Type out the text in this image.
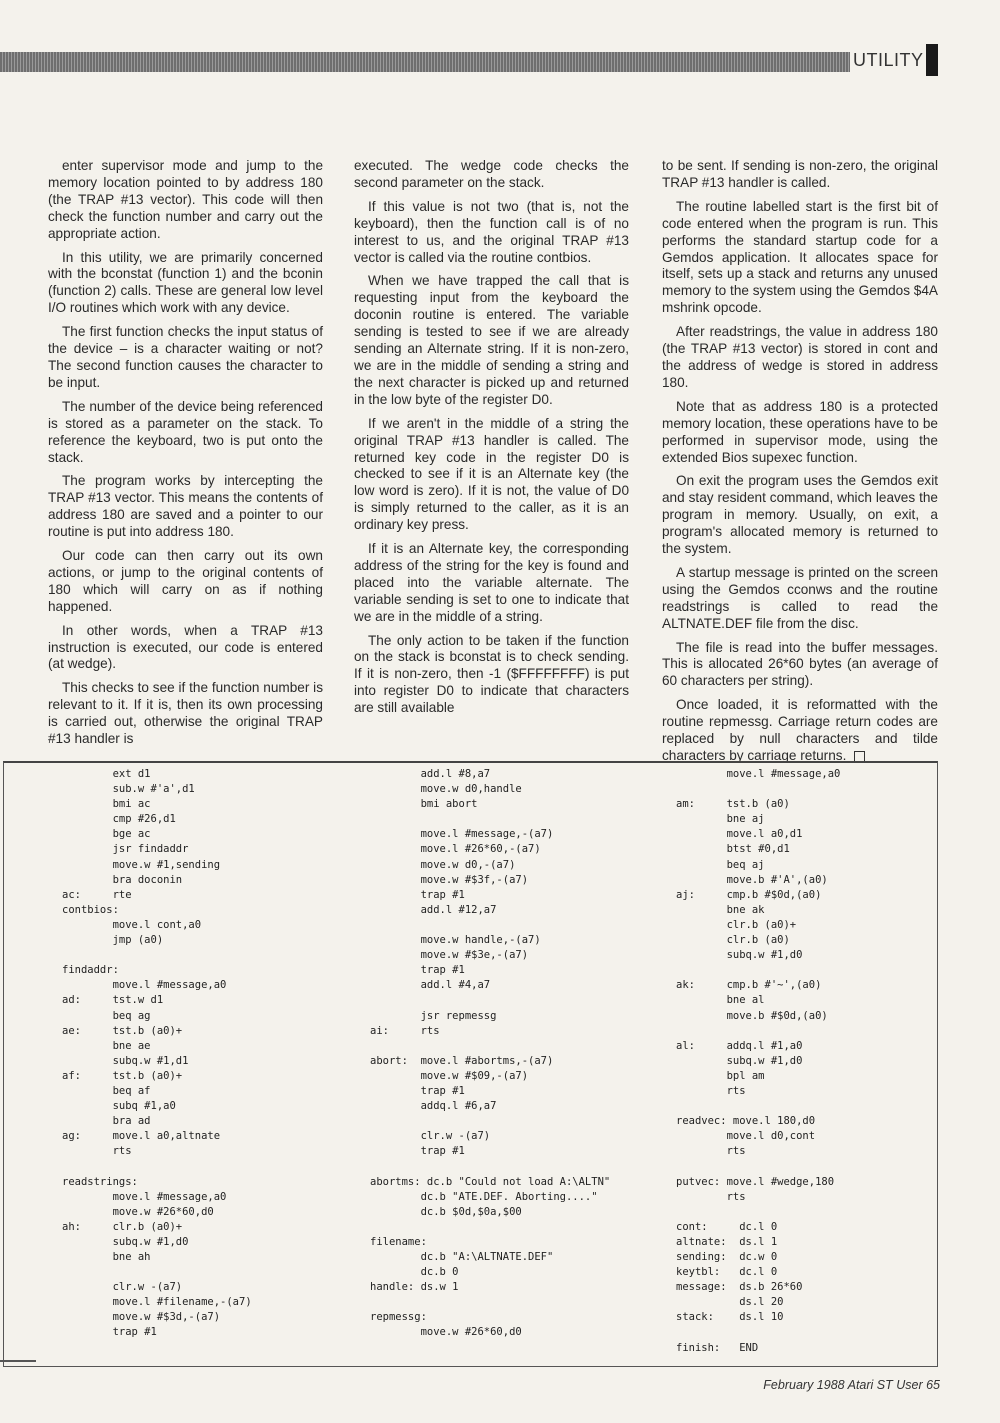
UTILITY

enter supervisor mode and jump to the memory location pointed to by address 180 (the TRAP #13 vector). This code will then check the function number and carry out the appropriate action.

In this utility, we are primarily concerned with the bconstat (function 1) and the bconin (function 2) calls. These are general low level I/O routines which work with any device.

The first function checks the input status of the device – is a character waiting or not? The second function causes the character to be input.

The number of the device being referenced is stored as a parameter on the stack. To reference the keyboard, two is put onto the stack.

The program works by intercepting the TRAP #13 vector. This means the contents of address 180 are saved and a pointer to our routine is put into address 180.

Our code can then carry out its own actions, or jump to the original contents of 180 which will carry on as if nothing happened.

In other words, when a TRAP #13 instruction is executed, our code is entered (at wedge).

This checks to see if the function number is relevant to it. If it is, then its own processing is carried out, otherwise the original TRAP #13 handler is

executed. The wedge code checks the second parameter on the stack.

If this value is not two (that is, not the keyboard), then the function call is of no interest to us, and the original TRAP #13 vector is called via the routine contbios.

When we have trapped the call that is requesting input from the keyboard the doconin routine is entered. The variable sending is tested to see if we are already sending an Alternate string. If it is non-zero, we are in the middle of sending a string and the next character is picked up and returned in the low byte of the register D0.

If we aren't in the middle of a string the original TRAP #13 handler is called. The returned key code in the register D0 is checked to see if it is an Alternate key (the low word is zero). If it is not, the value of D0 is simply returned to the caller, as it is an ordinary key press.

If it is an Alternate key, the corresponding address of the string for the key is found and placed into the variable alternate. The variable sending is set to one to indicate that we are in the middle of a string.

The only action to be taken if the function on the stack is bconstat is to check sending. If it is non-zero, then -1 ($FFFFFFFF) is put into register D0 to indicate that characters are still available

to be sent. If sending is non-zero, the original TRAP #13 handler is called.

The routine labelled start is the first bit of code entered when the program is run. This performs the standard startup code for a Gemdos application. It allocates space for itself, sets up a stack and returns any unused memory to the system using the Gemdos $4A mshrink opcode.

After readstrings, the value in address 180 (the TRAP #13 vector) is stored in cont and the address of wedge is stored in address 180.

Note that as address 180 is a protected memory location, these operations have to be performed in supervisor mode, using the extended Bios supexec function.

On exit the program uses the Gemdos exit and stay resident command, which leaves the program in memory. Usually, on exit, a program's allocated memory is returned to the system.

A startup message is printed on the screen using the Gemdos cconws and the routine readstrings is called to read the ALTNATE.DEF file from the disc.

The file is read into the buffer messages. This is allocated 26*60 bytes (an average of 60 characters per string).

Once loaded, it is reformatted with the routine repmessg. Carriage return codes are replaced by null characters and tilde characters by carriage returns.

ext d1
sub.w #'a',d1
bmi ac
cmp #26,d1
bge ac
jsr findaddr
move.w #1,sending
bra doconin
ac:     rte
contbios:
move.l cont,a0
jmp (a0)

findaddr:
move.l #message,a0
ad:     tst.w d1
beq ag
ae:     tst.b (a0)+
bne ae
subq.w #1,d1
af:     tst.b (a0)+
beq af
subq #1,a0
bra ad
ag:     move.l a0,altnate
rts

readstrings:
move.l #message,a0
move.w #26*60,d0
ah:     clr.b (a0)+
subq.w #1,d0
bne ah

clr.w -(a7)
move.l #filename,-(a7)
move.w #$3d,-(a7)
trap #1
add.l #8,a7
move.w d0,handle
bmi abort

move.l #message,-(a7)
move.l #26*60,-(a7)
move.w d0,-(a7)
move.w #$3f,-(a7)
trap #1
add.l #12,a7

move.w handle,-(a7)
move.w #$3e,-(a7)
trap #1
add.l #4,a7

jsr repmessg
ai:     rts

abort:  move.l #abortms,-(a7)
move.w #$09,-(a7)
trap #1
addq.l #6,a7

clr.w -(a7)
trap #1

abortms: dc.b "Could not load A:\ALTN"
dc.b "ATE.DEF. Aborting...."
dc.b $0d,$0a,$00

filename:
dc.b "A:\ALTNATE.DEF"
dc.b 0
handle: ds.w 1

repmessg:
move.w #26*60,d0
move.l #message,a0

am:     tst.b (a0)
bne aj
move.l a0,d1
btst #0,d1
beq aj
move.b #'A',(a0)
aj:     cmp.b #$0d,(a0)
bne ak
clr.b (a0)+
clr.b (a0)
subq.w #1,d0

ak:     cmp.b #'~',(a0)
bne al
move.b #$0d,(a0)

al:     addq.l #1,a0
subq.w #1,d0
bpl am
rts

readvec: move.l 180,d0
move.l d0,cont
rts

putvec: move.l #wedge,180
rts

cont:     dc.l 0
altnate:  ds.l 1
sending:  dc.w 0
keytbl:   dc.l 0
message:  ds.b 26*60
ds.l 20
stack:    ds.l 10

finish:   END
February 1988 Atari ST User 65
